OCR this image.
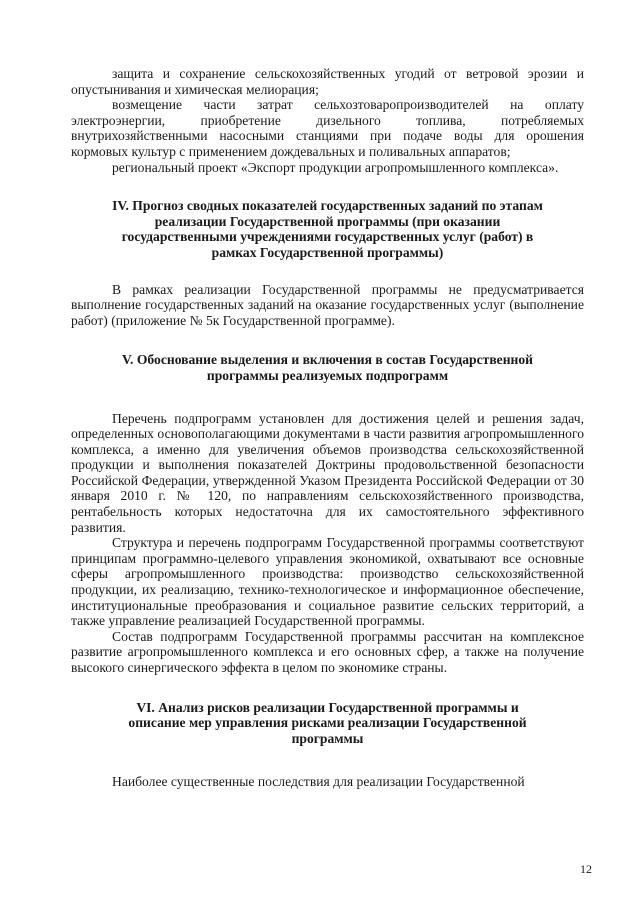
защита и сохранение сельскохозяйственных угодий от ветровой эрозии и опустынивания и химическая мелиорация;

возмещение части затрат сельхозтоваропроизводителей на оплату электроэнергии, приобретение дизельного топлива, потребляемых внутрихозяйственными насосными станциями при подаче воды для орошения кормовых культур с применением дождевальных и поливальных аппаратов;

региональный проект «Экспорт продукции агропромышленного комплекса».

IV. Прогноз сводных показателей государственных заданий по этапам реализации Государственной программы (при оказании государственными учреждениями государственных услуг (работ) в рамках Государственной программы)

В рамках реализации Государственной программы не предусматривается выполнение государственных заданий на оказание государственных услуг (выполнение работ) (приложение № 5к Государственной программе).

V. Обоснование выделения и включения в состав Государственной программы реализуемых подпрограмм

Перечень подпрограмм установлен для достижения целей и решения задач, определенных основополагающими документами в части развития агропромышленного комплекса, а именно для увеличения объемов производства сельскохозяйственной продукции и выполнения показателей Доктрины продовольственной безопасности Российской Федерации, утвержденной Указом Президента Российской Федерации от 30 января 2010 г. № 120, по направлениям сельскохозяйственного производства, рентабельность которых недостаточна для их самостоятельного эффективного развития.

Структура и перечень подпрограмм Государственной программы соответствуют принципам программно-целевого управления экономикой, охватывают все основные сферы агропромышленного производства: производство сельскохозяйственной продукции, их реализацию, технико-технологическое и информационное обеспечение, институциональные преобразования и социальное развитие сельских территорий, а также управление реализацией Государственной программы.

Состав подпрограмм Государственной программы рассчитан на комплексное развитие агропромышленного комплекса и его основных сфер, а также на получение высокого синергического эффекта в целом по экономике страны.

VI. Анализ рисков реализации Государственной программы и описание мер управления рисками реализации Государственной программы

Наиболее существенные последствия для реализации Государственной

12
